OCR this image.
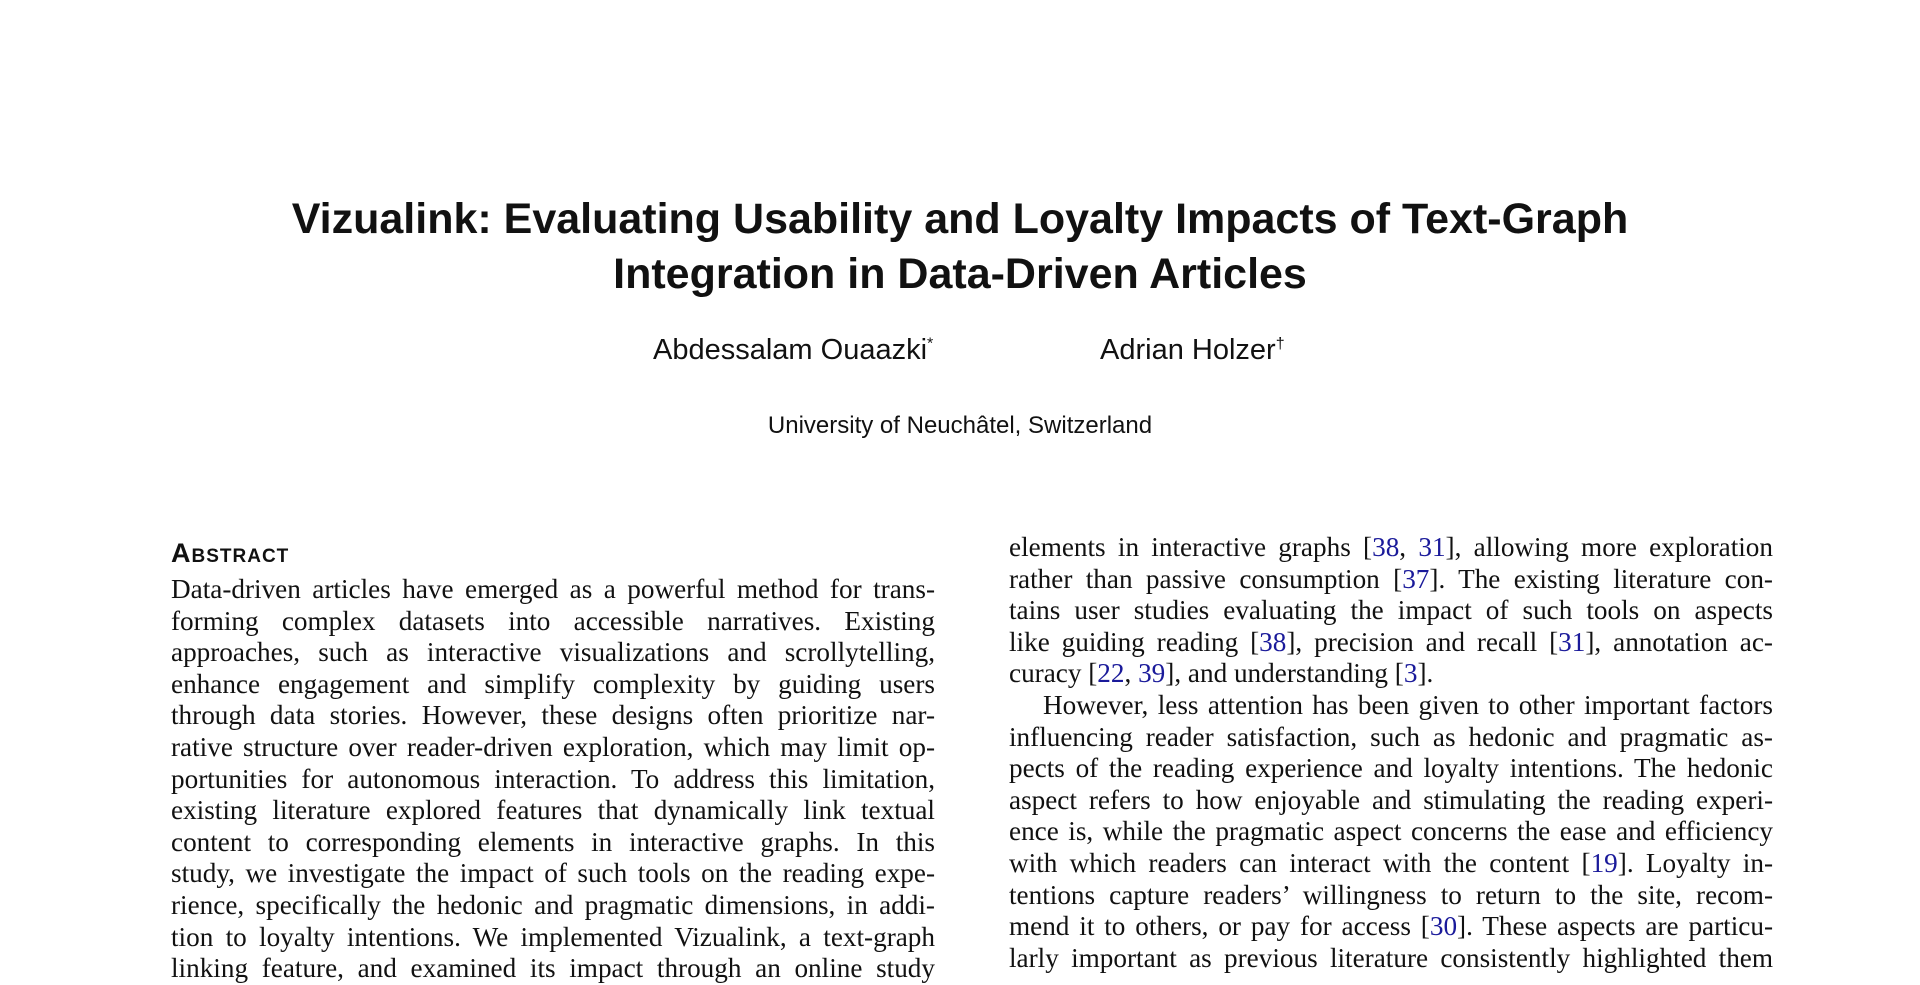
Vizualink: Evaluating Usability and Loyalty Impacts of Text-Graph
Integration in Data-Driven Articles
Abdessalam Ouaazki*	Adrian Holzer†
University of Neuchâtel, Switzerland
Abstract
Data-driven articles have emerged as a powerful method for trans-
forming complex datasets into accessible narratives. Existing
approaches, such as interactive visualizations and scrollytelling,
enhance engagement and simplify complexity by guiding users
through data stories. However, these designs often prioritize nar-
rative structure over reader-driven exploration, which may limit op-
portunities for autonomous interaction. To address this limitation,
existing literature explored features that dynamically link textual
content to corresponding elements in interactive graphs. In this
study, we investigate the impact of such tools on the reading expe-
rience, specifically the hedonic and pragmatic dimensions, in addi-
tion to loyalty intentions. We implemented Vizualink, a text-graph
linking feature, and examined its impact through an online study
elements in interactive graphs [38, 31], allowing more exploration
rather than passive consumption [37]. The existing literature con-
tains user studies evaluating the impact of such tools on aspects
like guiding reading [38], precision and recall [31], annotation ac-
curacy [22, 39], and understanding [3].
However, less attention has been given to other important factors
influencing reader satisfaction, such as hedonic and pragmatic as-
pects of the reading experience and loyalty intentions. The hedonic
aspect refers to how enjoyable and stimulating the reading experi-
ence is, while the pragmatic aspect concerns the ease and efficiency
with which readers can interact with the content [19]. Loyalty in-
tentions capture readers’ willingness to return to the site, recom-
mend it to others, or pay for access [30]. These aspects are particu-
larly important as previous literature consistently highlighted them
